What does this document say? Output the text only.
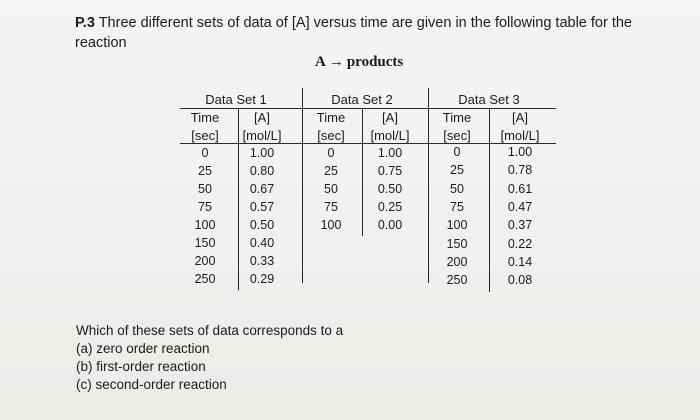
P.3 Three different sets of data of [A] versus time are given in the following table for the
reaction
A → products
Data Set 1
Time
[sec]
[A]
[mol/L]
0
25
50
75
100
150
200
250
1.00
0.80
0.67
0.57
0.50
0.40
0.33
0.29
Data Set 2
Time
[sec]
[A]
[mol/L]
0
25
50
75
100
1.00
0.75
0.50
0.25
0.00
Data Set 3
Time
[sec]
[A]
[mol/L]
0
25
50
75
100
150
200
250
1.00
0.78
0.61
0.47
0.37
0.22
0.14
0.08
Which of these sets of data corresponds to a
(a) zero order reaction
(b) first-order reaction
(c) second-order reaction
